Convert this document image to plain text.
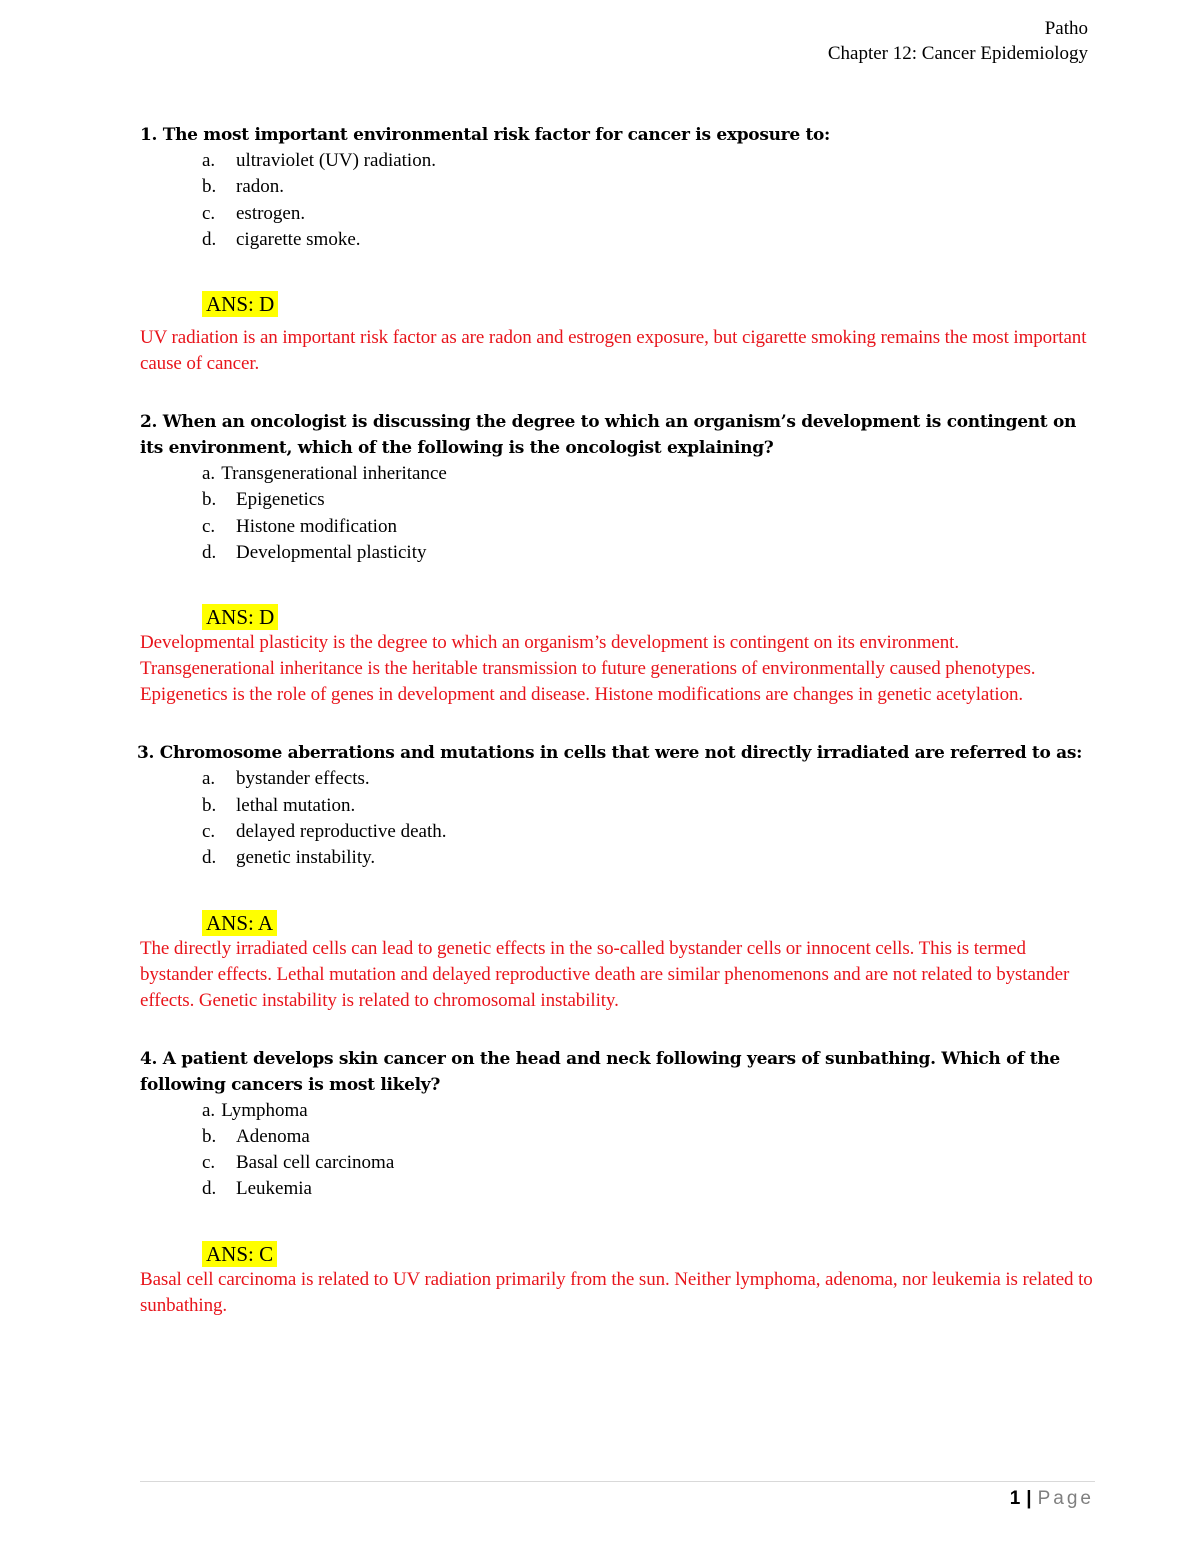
Patho
Chapter 12: Cancer Epidemiology
1. The most important environmental risk factor for cancer is exposure to:
a. ultraviolet (UV) radiation.
b. radon.
c. estrogen.
d. cigarette smoke.
ANS: D

UV radiation is an important risk factor as are radon and estrogen exposure, but cigarette smoking remains the most important cause of cancer.

2. When an oncologist is discussing the degree to which an organism’s development is contingent on its environment, which of the following is the oncologist explaining?
a. Transgenerational inheritance
b. Epigenetics
c. Histone modification
d. Developmental plasticity
ANS: D

Developmental plasticity is the degree to which an organism’s development is contingent on its environment. Transgenerational inheritance is the heritable transmission to future generations of environmentally caused phenotypes. Epigenetics is the role of genes in development and disease. Histone modifications are changes in genetic acetylation.

3. Chromosome aberrations and mutations in cells that were not directly irradiated are referred to as:
a. bystander effects.
b. lethal mutation.
c. delayed reproductive death.
d. genetic instability.
ANS: A

The directly irradiated cells can lead to genetic effects in the so-called bystander cells or innocent cells. This is termed bystander effects. Lethal mutation and delayed reproductive death are similar phenomenons and are not related to bystander effects. Genetic instability is related to chromosomal instability.

4. A patient develops skin cancer on the head and neck following years of sunbathing. Which of the following cancers is most likely?
a. Lymphoma
b. Adenoma
c. Basal cell carcinoma
d. Leukemia
ANS: C

Basal cell carcinoma is related to UV radiation primarily from the sun. Neither lymphoma, adenoma, nor leukemia is related to sunbathing.

1 | Page
